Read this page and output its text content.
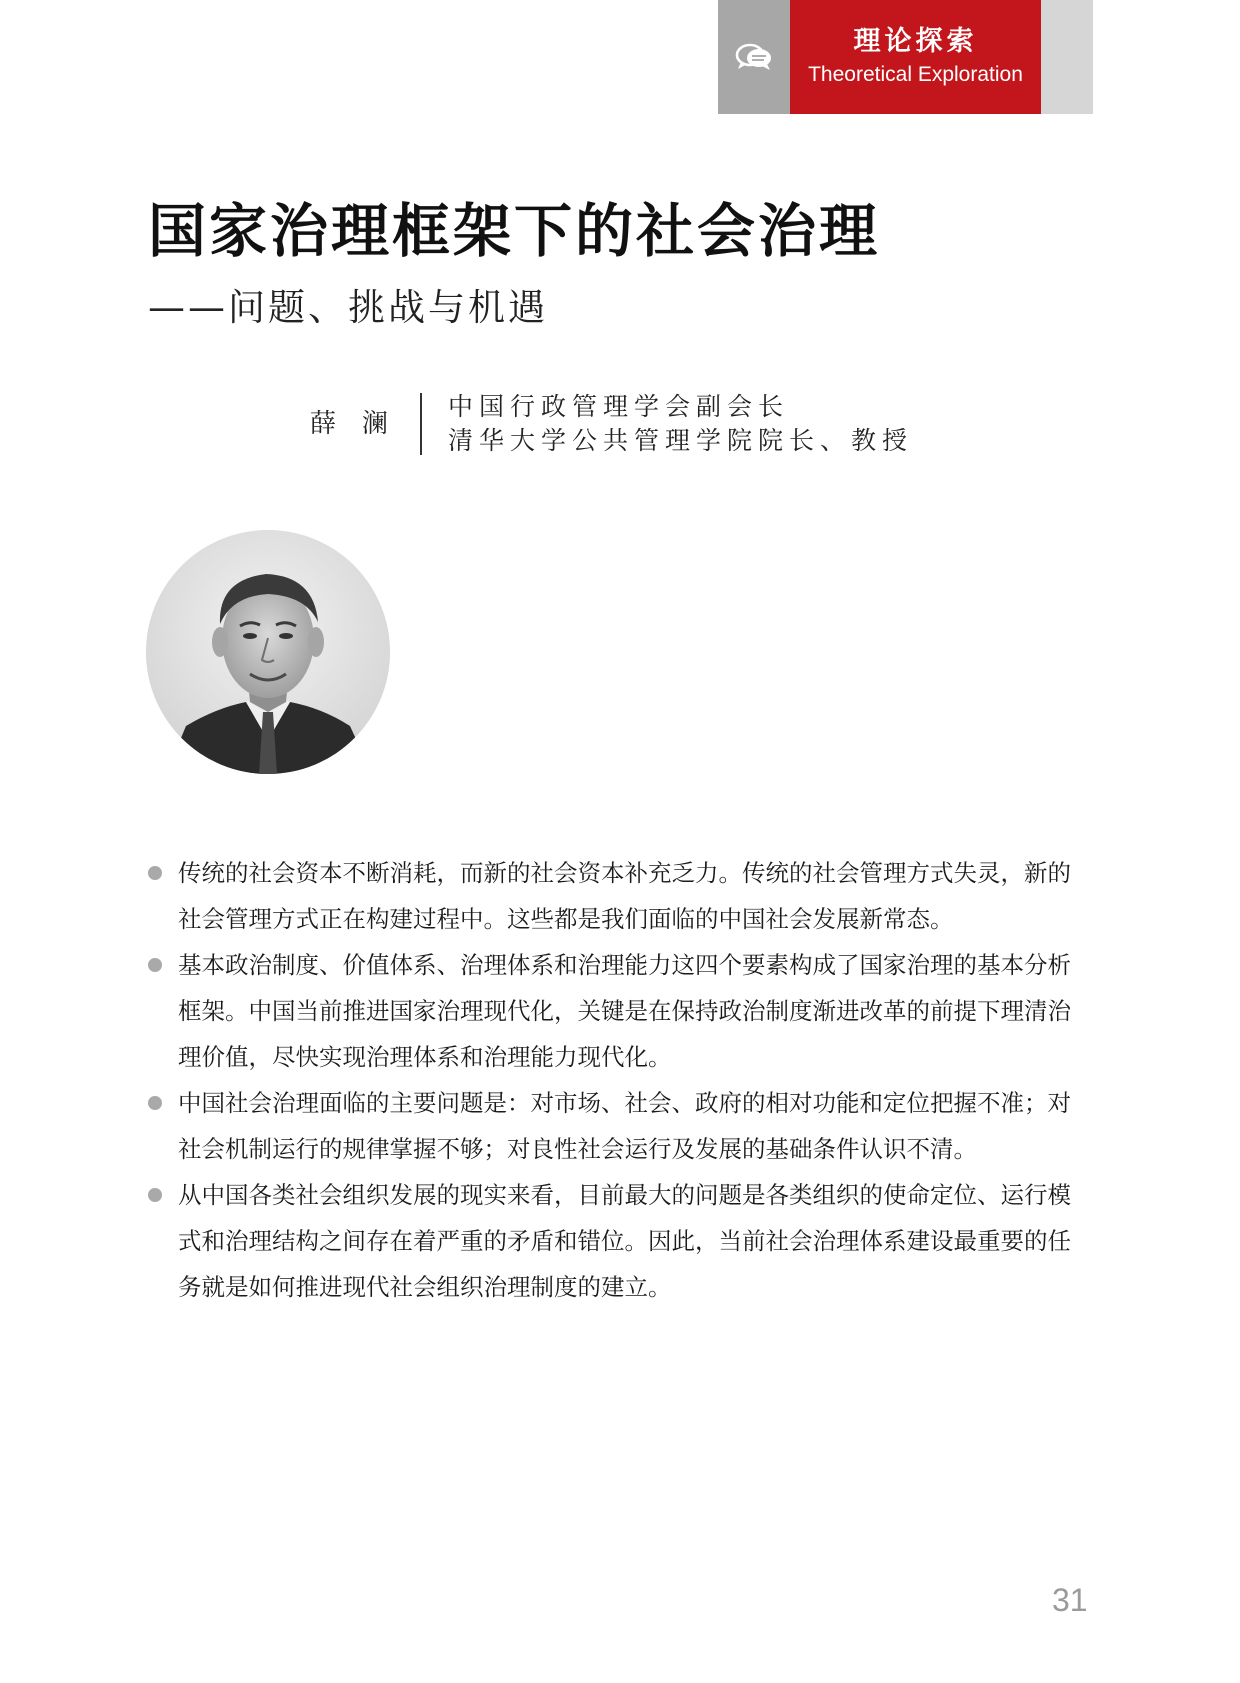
理论探索
Theoretical Exploration
国家治理框架下的社会治理
——问题、挑战与机遇
薛澜
中国行政管理学会副会长
清华大学公共管理学院院长、教授
传统的社会资本不断消耗，而新的社会资本补充乏力。传统的社会管理方式失灵，新的社会管理方式正在构建过程中。这些都是我们面临的中国社会发展新常态。
基本政治制度、价值体系、治理体系和治理能力这四个要素构成了国家治理的基本分析框架。中国当前推进国家治理现代化，关键是在保持政治制度渐进改革的前提下理清治理价值，尽快实现治理体系和治理能力现代化。
中国社会治理面临的主要问题是：对市场、社会、政府的相对功能和定位把握不准；对社会机制运行的规律掌握不够；对良性社会运行及发展的基础条件认识不清。
从中国各类社会组织发展的现实来看，目前最大的问题是各类组织的使命定位、运行模式和治理结构之间存在着严重的矛盾和错位。因此，当前社会治理体系建设最重要的任务就是如何推进现代社会组织治理制度的建立。
31
